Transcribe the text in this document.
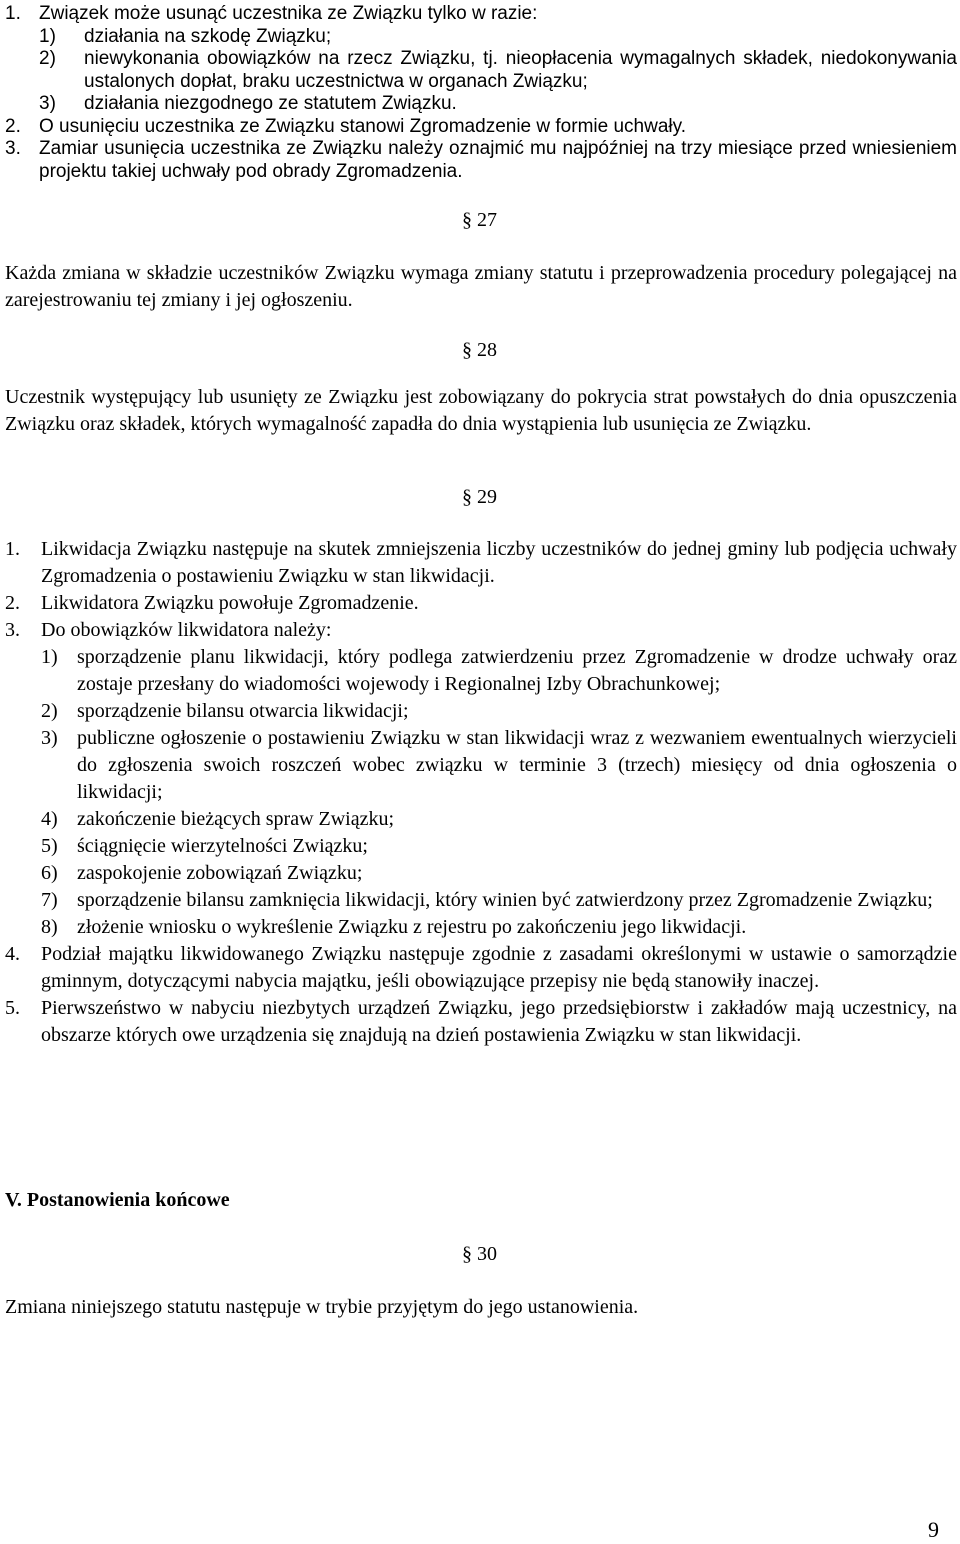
1. Związek może usunąć uczestnika ze Związku tylko w razie:
1)	działania na szkodę Związku;
2)	niewykonania obowiązków na rzecz Związku, tj. nieopłacenia wymagalnych składek, niedokonywania ustalonych dopłat, braku uczestnictwa w organach Związku;
3)	działania niezgodnego ze statutem Związku.
2. O usunięciu uczestnika ze Związku stanowi Zgromadzenie w formie uchwały.
3. Zamiar usunięcia uczestnika ze Związku należy oznajmić mu najpóźniej na trzy miesiące przed wniesieniem projektu takiej uchwały pod obrady Zgromadzenia.
§ 27
Każda zmiana w składzie uczestników Związku wymaga zmiany statutu i przeprowadzenia procedury polegającej na zarejestrowaniu tej zmiany i jej ogłoszeniu.
§ 28
Uczestnik występujący lub usunięty ze Związku jest zobowiązany do pokrycia strat powstałych do dnia opuszczenia Związku oraz składek, których wymagalność zapadła do dnia wystąpienia lub usunięcia ze Związku.
§ 29
1.	Likwidacja Związku następuje na skutek zmniejszenia liczby uczestników do jednej gminy lub podjęcia uchwały Zgromadzenia o postawieniu Związku w stan likwidacji.
2.	Likwidatora Związku powołuje Zgromadzenie.
3.	Do obowiązków likwidatora należy:
1) sporządzenie planu likwidacji, który podlega zatwierdzeniu przez Zgromadzenie w drodze uchwały oraz zostaje przesłany do wiadomości wojewody i Regionalnej Izby Obrachunkowej;
2) sporządzenie bilansu otwarcia likwidacji;
3) publiczne ogłoszenie o postawieniu Związku w stan likwidacji wraz z wezwaniem ewentualnych wierzycieli do zgłoszenia swoich roszczeń wobec związku w terminie 3 (trzech) miesięcy od dnia ogłoszenia o likwidacji;
4) zakończenie bieżących spraw Związku;
5) ściągnięcie wierzytelności Związku;
6) zaspokojenie zobowiązań Związku;
7) sporządzenie bilansu zamknięcia likwidacji, który winien być zatwierdzony przez Zgromadzenie Związku;
8) złożenie wniosku o wykreślenie Związku z rejestru po zakończeniu jego likwidacji.
4.	Podział majątku likwidowanego Związku następuje zgodnie z zasadami określonymi w ustawie o samorządzie gminnym, dotyczącymi nabycia majątku, jeśli obowiązujące przepisy nie będą stanowiły inaczej.
5.	Pierwszeństwo w nabyciu niezbytych urządzeń Związku, jego przedsiębiorstw i zakładów mają uczestnicy, na obszarze których owe urządzenia się znajdują na dzień postawienia Związku w stan likwidacji.
V. Postanowienia końcowe
§ 30
Zmiana niniejszego statutu następuje w trybie przyjętym do jego ustanowienia.
9
